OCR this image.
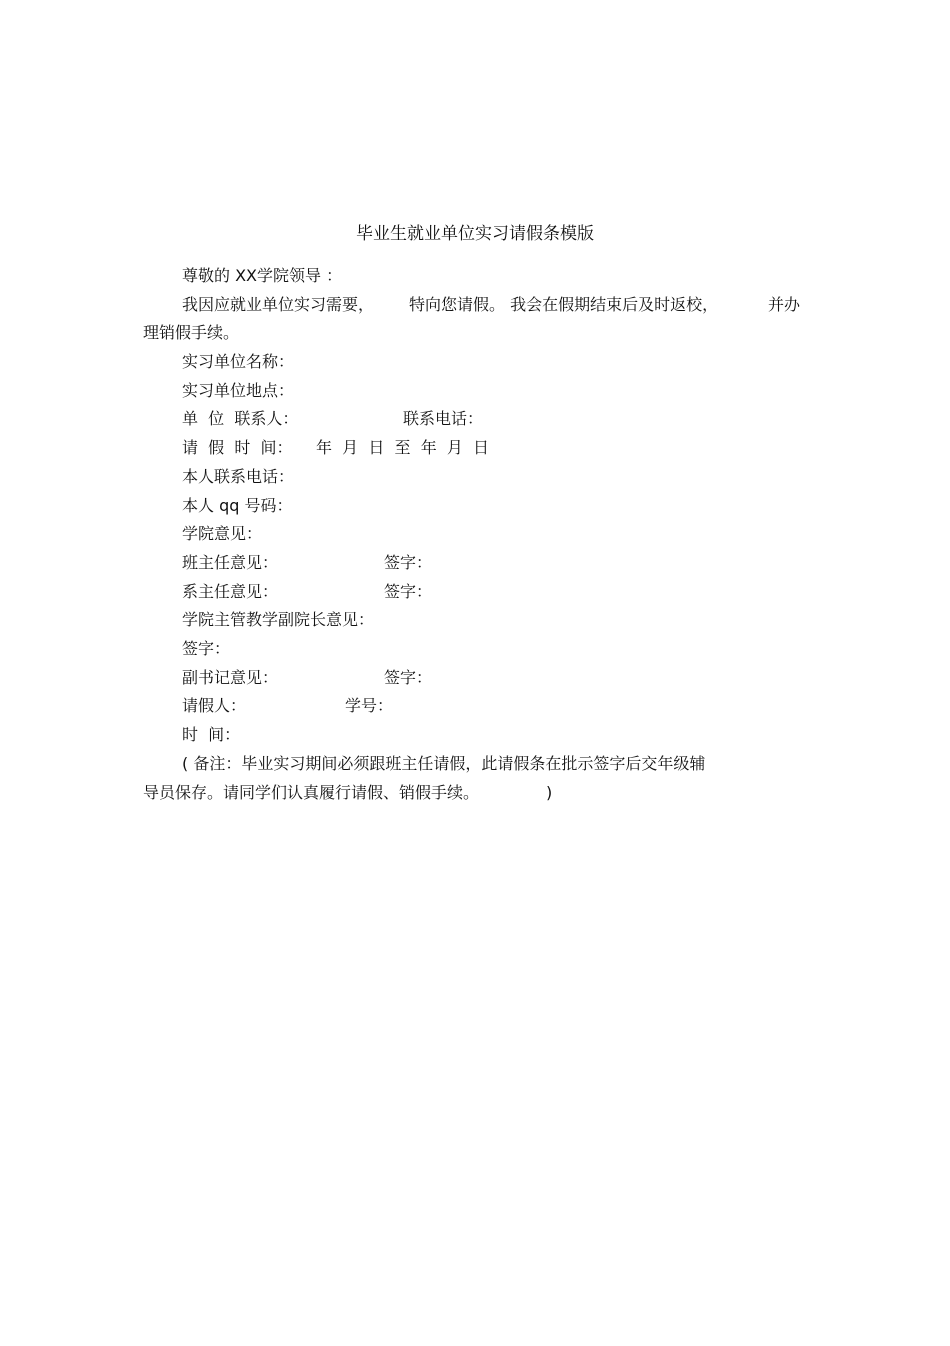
毕业生就业单位实习请假条模版
尊敬的 XX学院领导 ：
我因应就业单位实习需要， 特向您请假。 我会在假期结束后及时返校，	并办
理销假手续。
实习单位名称：
实习单位地点：
单  位  联系人：	联系电话：
请  假  时  间： 年  月  日  至  年  月  日
本人联系电话：
本人 qq 号码：
学院意见：
班主任意见：	签字：
系主任意见：	签字：
学院主管教学副院长意见：
签字：
副书记意见：	签字：
请假人：	学号：
时  间：
( 备注：毕业实习期间必须跟班主任请假，此请假条在批示签字后交年级辅
导员保存。请同学们认真履行请假、销假手续。	)
